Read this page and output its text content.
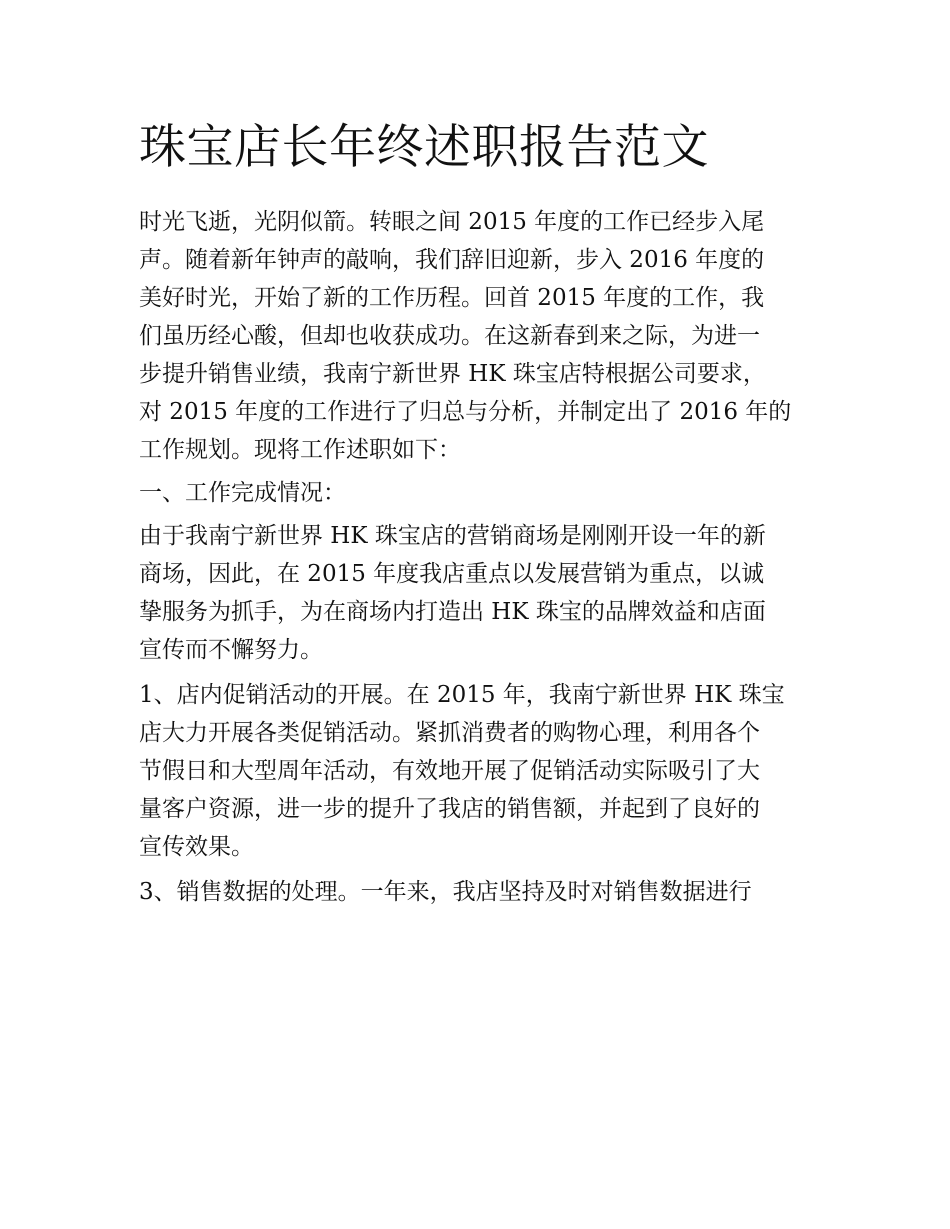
珠宝店长年终述职报告范文
时光飞逝，光阴似箭。转眼之间 2015 年度的工作已经步入尾
声。随着新年钟声的敲响，我们辞旧迎新，步入 2016 年度的
美好时光，开始了新的工作历程。回首 2015 年度的工作，我
们虽历经心酸，但却也收获成功。在这新春到来之际，为进一
步提升销售业绩，我南宁新世界 HK 珠宝店特根据公司要求，
对 2015 年度的工作进行了归总与分析，并制定出了 2016 年的
工作规划。现将工作述职如下：
一、工作完成情况：
由于我南宁新世界 HK 珠宝店的营销商场是刚刚开设一年的新
商场，因此，在 2015 年度我店重点以发展营销为重点，以诚
挚服务为抓手，为在商场内打造出 HK 珠宝的品牌效益和店面
宣传而不懈努力。
1、店内促销活动的开展。在 2015 年，我南宁新世界 HK 珠宝
店大力开展各类促销活动。紧抓消费者的购物心理，利用各个
节假日和大型周年活动，有效地开展了促销活动实际吸引了大
量客户资源，进一步的提升了我店的销售额，并起到了良好的
宣传效果。
3、销售数据的处理。一年来，我店坚持及时对销售数据进行
